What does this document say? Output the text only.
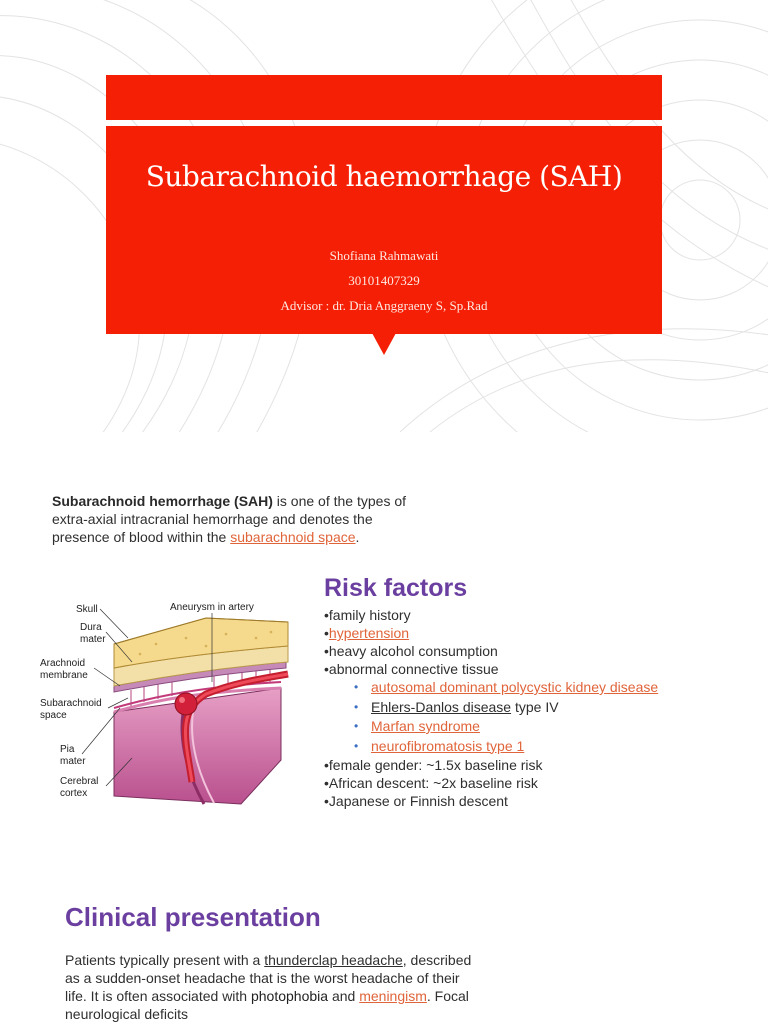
Subarachnoid haemorrhage (SAH)
Shofiana Rahmawati
30101407329
Advisor : dr. Dria Anggraeny S, Sp.Rad

Subarachnoid hemorrhage (SAH) is one of the types of extra-axial intracranial hemorrhage and denotes the presence of blood within the subarachnoid space.

Skull
Dura
mater
Aneurysm in artery
Arachnoid
membrane
Subarachnoid
space
Pia
mater
Cerebral
cortex
Risk factors
•family history
•hypertension
•heavy alcohol consumption
•abnormal connective tissue
• autosomal dominant polycystic kidney disease
• Ehlers-Danlos disease type IV
• Marfan syndrome
• neurofibromatosis type 1
•female gender: ~1.5x baseline risk
•African descent: ~2x baseline risk
•Japanese or Finnish descent
Clinical presentation

Patients typically present with a thunderclap headache, described as a sudden-onset headache that is the worst headache of their life. It is often associated with photophobia and meningism. Focal neurological deficits
